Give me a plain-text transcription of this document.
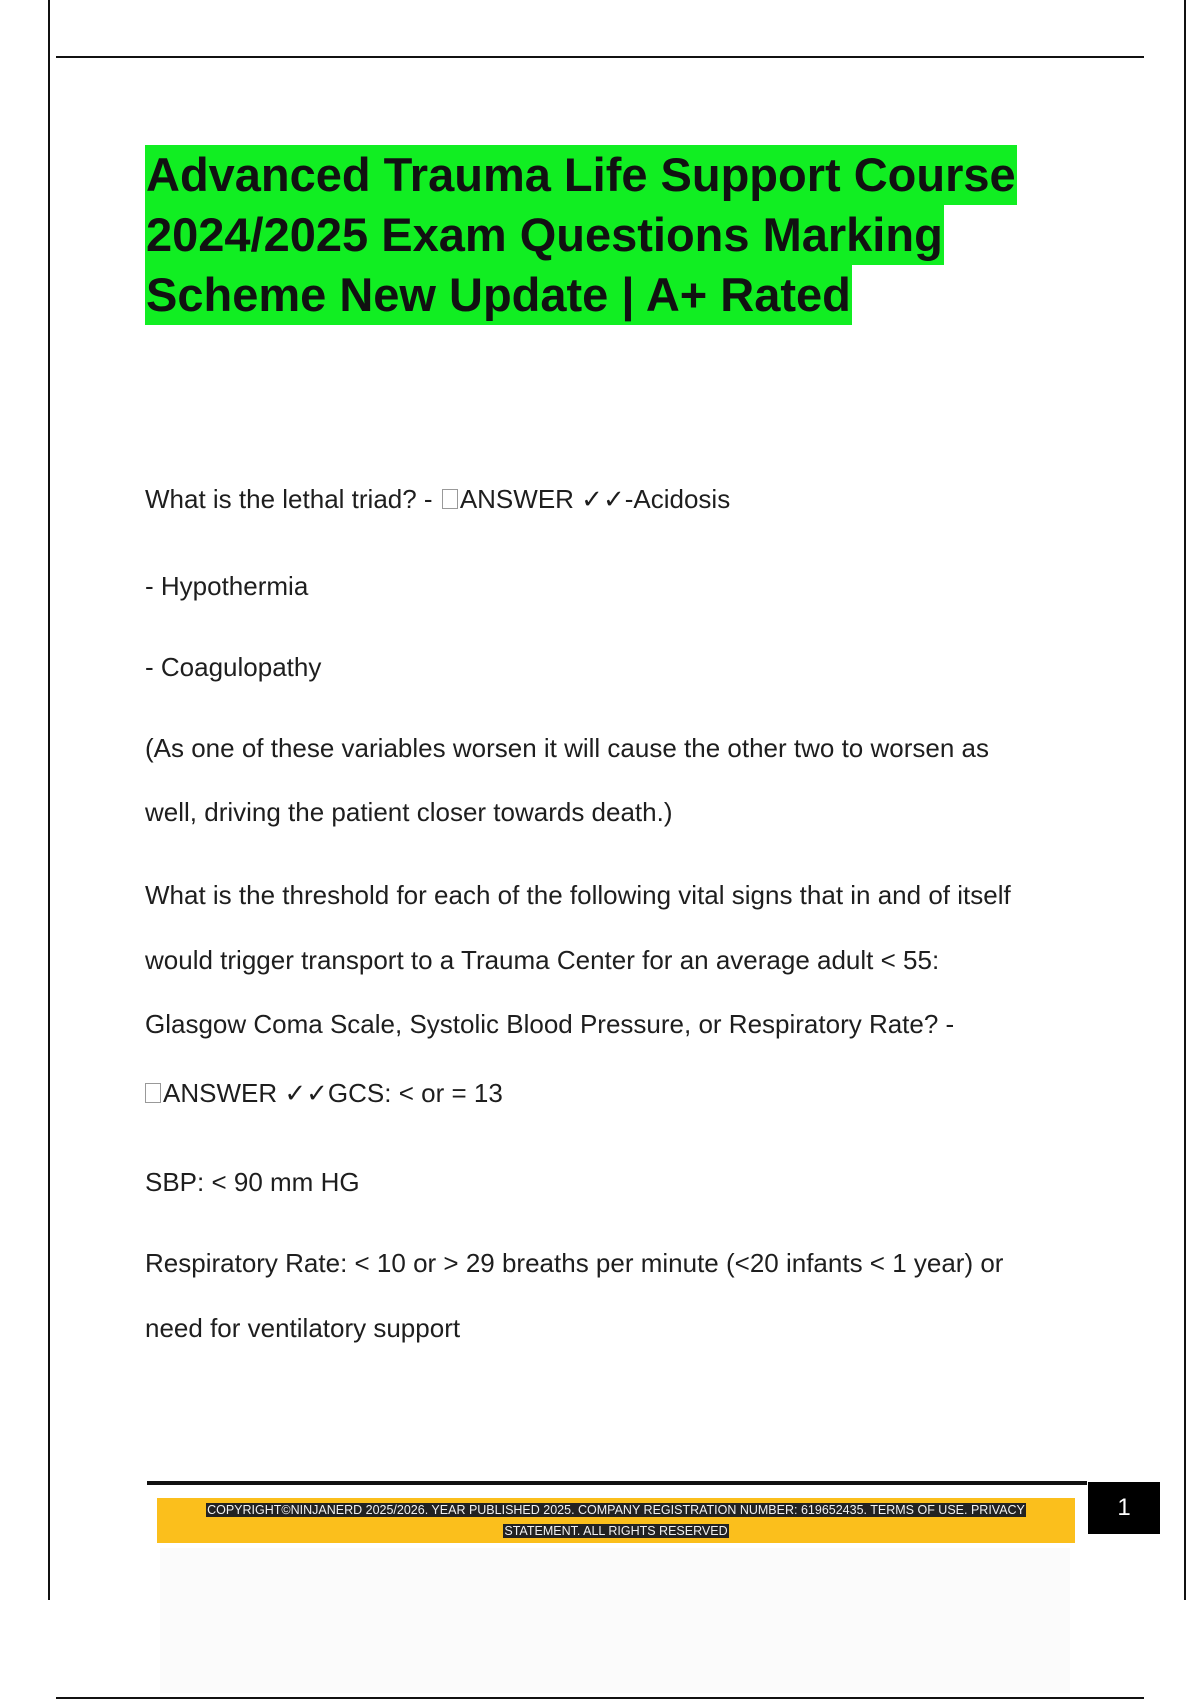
Advanced Trauma Life Support Course
2024/2025 Exam Questions Marking
Scheme New Update | A+ Rated
What is the lethal triad? - ANSWER ✓✓-Acidosis
- Hypothermia
- Coagulopathy
(As one of these variables worsen it will cause the other two to worsen as
well, driving the patient closer towards death.)
What is the threshold for each of the following vital signs that in and of itself
would trigger transport to a Trauma Center for an average adult < 55:
Glasgow Coma Scale, Systolic Blood Pressure, or Respiratory Rate? -
ANSWER ✓✓GCS: < or = 13
SBP: < 90 mm HG
Respiratory Rate: < 10 or > 29 breaths per minute (<20 infants < 1 year) or
need for ventilatory support
COPYRIGHT©NINJANERD 2025/2026. YEAR PUBLISHED 2025. COMPANY REGISTRATION NUMBER: 619652435. TERMS OF USE. PRIVACY
STATEMENT. ALL RIGHTS RESERVED
1
